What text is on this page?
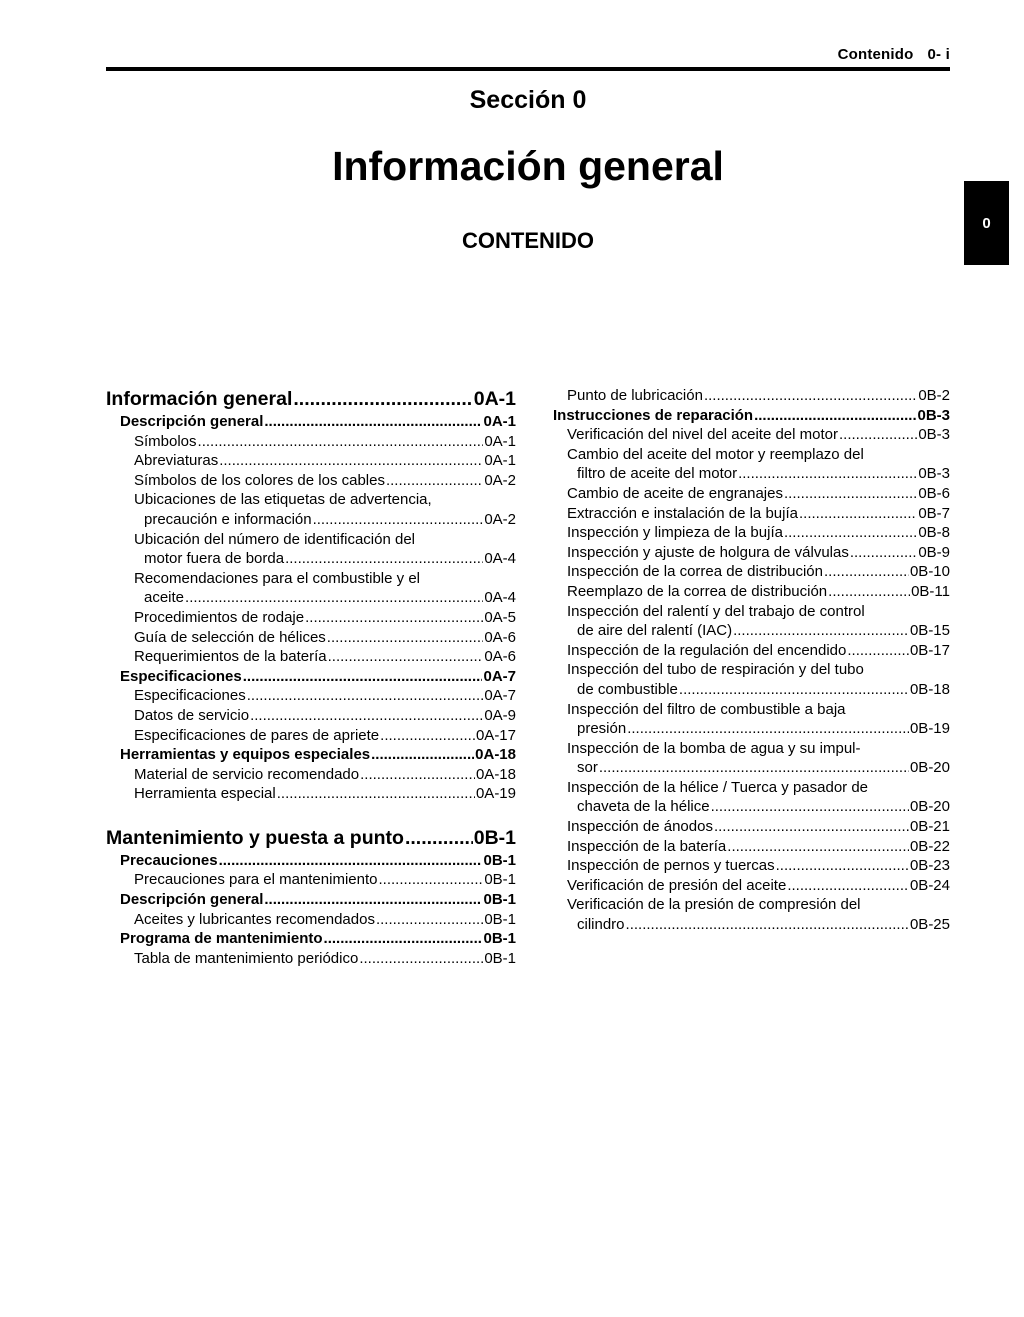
Contenido 0- i
Sección 0
Información general
CONTENIDO
0
Información general .....	0A-1
Descripción general .....	0A-1
Símbolos .....	0A-1
Abreviaturas .....	0A-1
Símbolos de los colores de los cables .....	0A-2
Ubicaciones de las etiquetas de advertencia,
precaución e información .....	0A-2
Ubicación del número de identificación del
motor fuera de borda .....	0A-4
Recomendaciones para el combustible y el
aceite .....	0A-4
Procedimientos de rodaje .....	0A-5
Guía de selección de hélices .....	0A-6
Requerimientos de la batería .....	0A-6
Especificaciones .....	0A-7
Especificaciones .....	0A-7
Datos de servicio .....	0A-9
Especificaciones de pares de apriete .....	0A-17
Herramientas y equipos especiales .....	0A-18
Material de servicio recomendado .....	0A-18
Herramienta especial .....	0A-19
Mantenimiento y puesta a punto .....	0B-1
Precauciones .....	0B-1
Precauciones para el mantenimiento .....	0B-1
Descripción general .....	0B-1
Aceites y lubricantes recomendados .....	0B-1
Programa de mantenimiento .....	0B-1
Tabla de mantenimiento periódico .....	0B-1
Punto de lubricación .....	0B-2
Instrucciones de reparación .....	0B-3
Verificación del nivel del aceite del motor .....	0B-3
Cambio del aceite del motor y reemplazo del
filtro de aceite del motor .....	0B-3
Cambio de aceite de engranajes .....	0B-6
Extracción e instalación de la bujía .....	0B-7
Inspección y limpieza de la bujía .....	0B-8
Inspección y ajuste de holgura de válvulas .....	0B-9
Inspección de la correa de distribución .....	0B-10
Reemplazo de la correa de distribución .....	0B-11
Inspección del ralentí y del trabajo de control
de aire del ralentí (IAC) .....	0B-15
Inspección de la regulación del encendido .....	0B-17
Inspección del tubo de respiración y del tubo
de combustible .....	0B-18
Inspección del filtro de combustible a baja
presión .....	0B-19
Inspección de la bomba de agua y su impul-
sor .....	0B-20
Inspección de la hélice / Tuerca y pasador de
chaveta de la hélice .....	0B-20
Inspección de ánodos .....	0B-21
Inspección de la batería .....	0B-22
Inspección de pernos y tuercas .....	0B-23
Verificación de presión del aceite .....	0B-24
Verificación de la presión de compresión del
cilindro .....	0B-25
